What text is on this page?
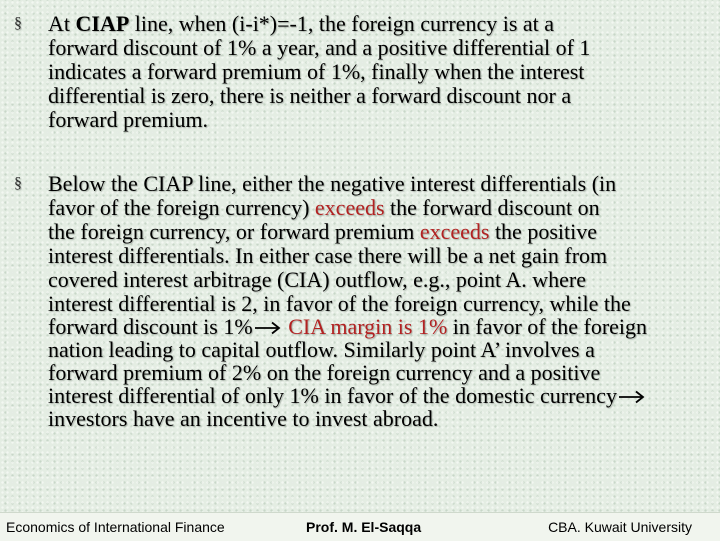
§ At CIAP line, when (i-i*)=-1, the foreign currency is at a
forward discount of 1% a year, and a positive differential of 1
indicates a forward premium of 1%, finally when the interest
differential is zero, there is neither a forward discount nor a
forward premium.
§ Below the CIAP line, either the negative interest differentials (in
favor of the foreign currency) exceeds the forward discount on
the foreign currency, or forward premium exceeds the positive
interest differentials. In either case there will be a net gain from
covered interest arbitrage (CIA) outflow, e.g., point A. where
interest differential is 2, in favor of the foreign currency, while the
forward discount is 1% CIA margin is 1% in favor of the foreign
nation leading to capital outflow. Similarly point A’ involves a
forward premium of 2% on the foreign currency and a positive
interest differential of only 1% in favor of the domestic currency
investors have an incentive to invest abroad.
Economics of International Finance	Prof. M. El-Saqqa	CBA. Kuwait University
